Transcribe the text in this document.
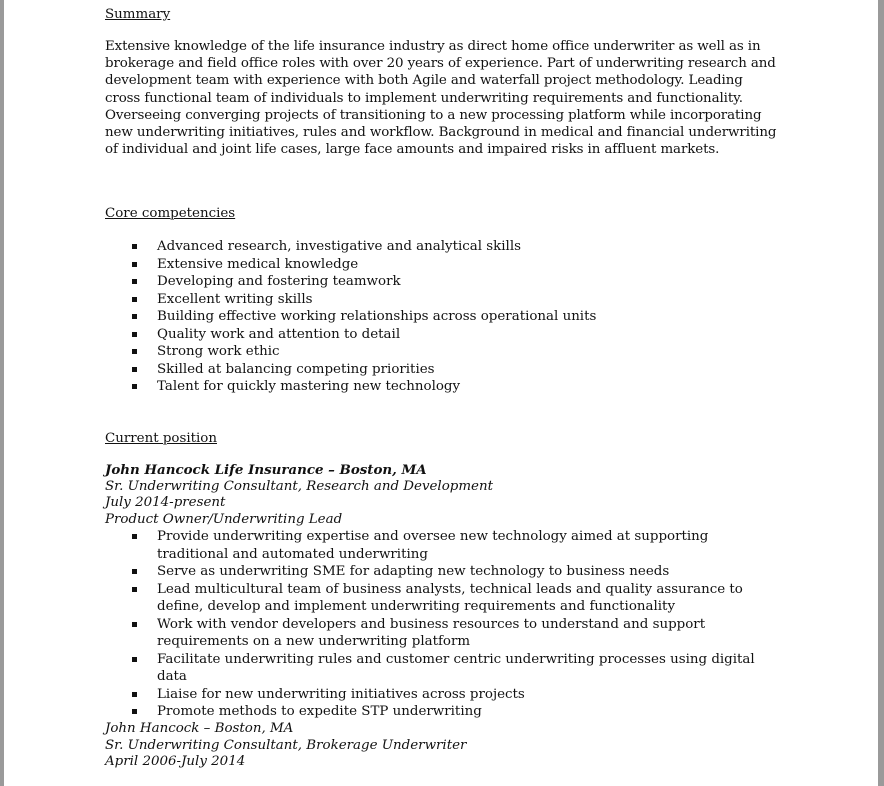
Summary

Extensive knowledge of the life insurance industry as direct home office underwriter as well as in brokerage and field office roles with over 20 years of experience. Part of underwriting research and development team with experience with both Agile and waterfall project methodology. Leading cross functional team of individuals to implement underwriting requirements and functionality. Overseeing converging projects of transitioning to a new processing platform while incorporating new underwriting initiatives, rules and workflow. Background in medical and financial underwriting of individual and joint life cases, large face amounts and impaired risks in affluent markets.

Core competencies

Advanced research, investigative and analytical skills
Extensive medical knowledge
Developing and fostering teamwork
Excellent writing skills
Building effective working relationships across operational units
Quality work and attention to detail
Strong work ethic
Skilled at balancing competing priorities
Talent for quickly mastering new technology

Current position

John Hancock Life Insurance – Boston, MA

Sr. Underwriting Consultant, Research and Development

July 2014-present

Product Owner/Underwriting Lead

Provide underwriting expertise and oversee new technology aimed at supporting traditional and automated underwriting
Serve as underwriting SME for adapting new technology to business needs
Lead multicultural team of business analysts, technical leads and quality assurance to define, develop and implement underwriting requirements and functionality
Work with vendor developers and business resources to understand and support requirements on a new underwriting platform
Facilitate underwriting rules and customer centric underwriting processes using digital data
Liaise for new underwriting initiatives across projects
Promote methods to expedite STP underwriting

John Hancock – Boston, MA

Sr. Underwriting Consultant, Brokerage Underwriter

April 2006-July 2014
